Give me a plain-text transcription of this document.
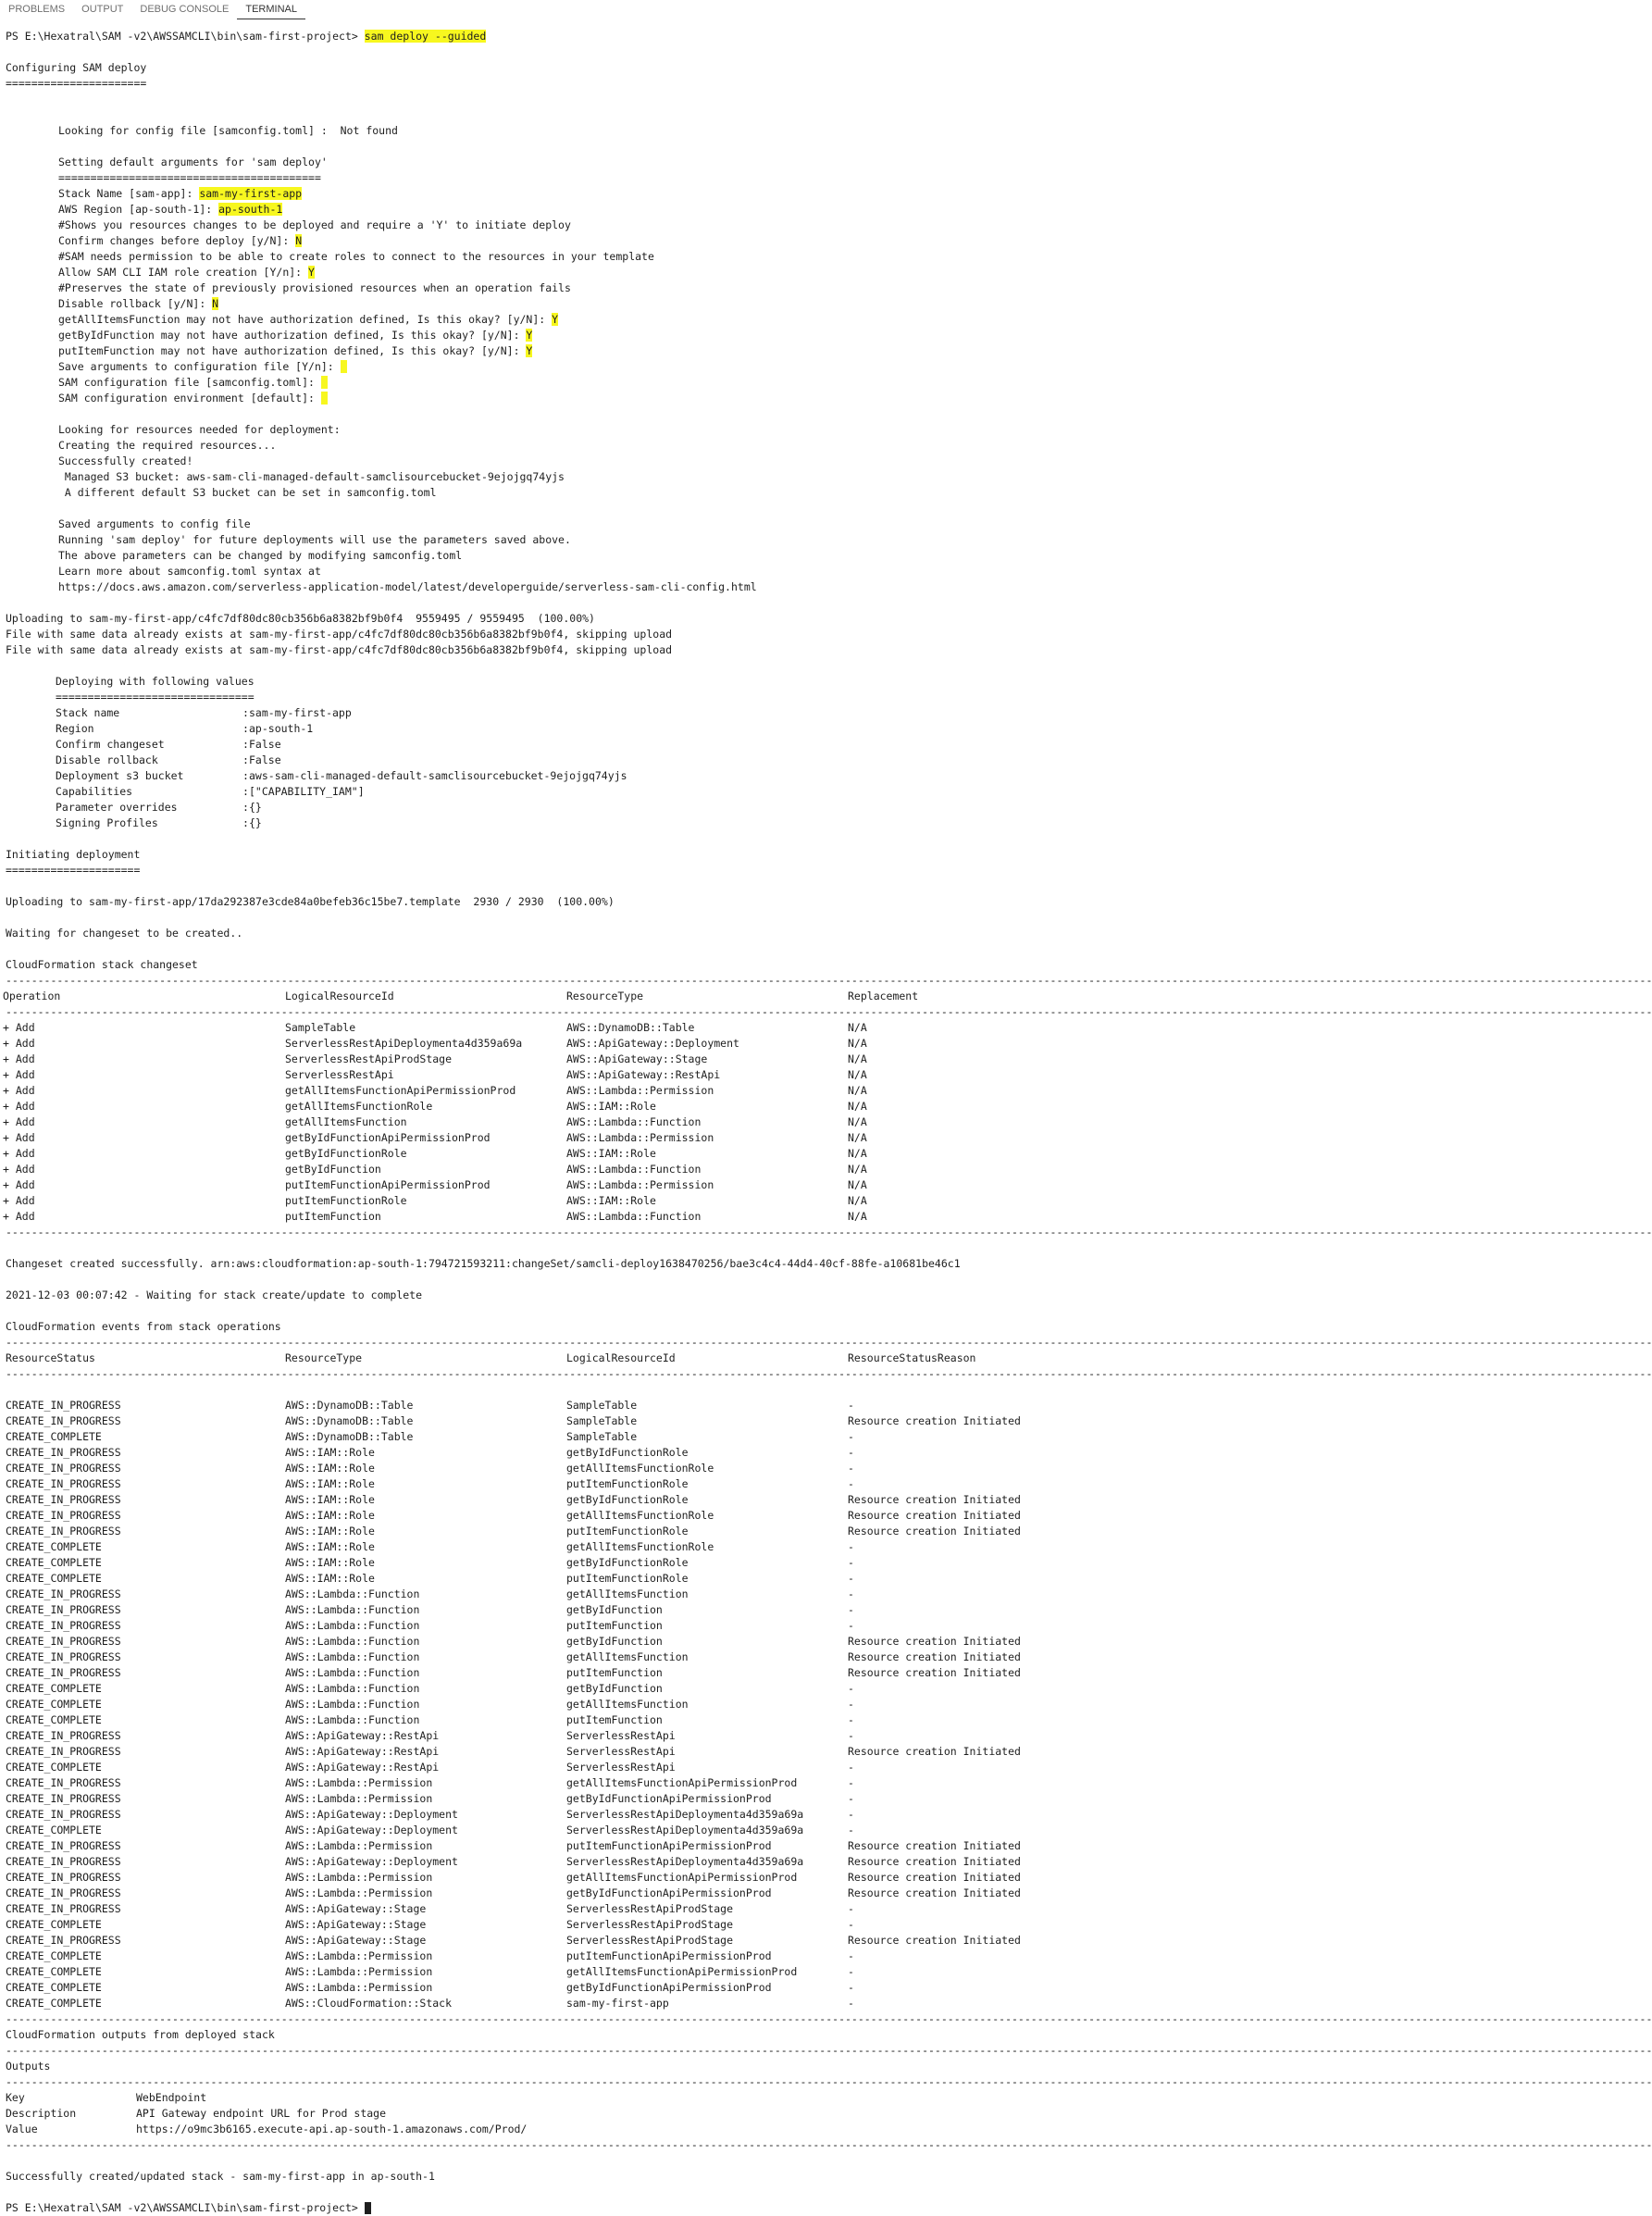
PROBLEMS	OUTPUT	DEBUG CONSOLE	TERMINAL
PS E:\Hexatral\SAM -v2\AWSSAMCLI\bin\sam-first-project> sam deploy --guided
Configuring SAM deploy
======================
Looking for config file [samconfig.toml] :  Not found
Setting default arguments for 'sam deploy'
=========================================
Stack Name [sam-app]: sam-my-first-app
AWS Region [ap-south-1]: ap-south-1
#Shows you resources changes to be deployed and require a 'Y' to initiate deploy
Confirm changes before deploy [y/N]: N
#SAM needs permission to be able to create roles to connect to the resources in your template
Allow SAM CLI IAM role creation [Y/n]: Y
#Preserves the state of previously provisioned resources when an operation fails
Disable rollback [y/N]: N
getAllItemsFunction may not have authorization defined, Is this okay? [y/N]: Y
getByIdFunction may not have authorization defined, Is this okay? [y/N]: Y
putItemFunction may not have authorization defined, Is this okay? [y/N]: Y
Save arguments to configuration file [Y/n]:
SAM configuration file [samconfig.toml]:
SAM configuration environment [default]:
Looking for resources needed for deployment:
Creating the required resources...
Successfully created!
Managed S3 bucket: aws-sam-cli-managed-default-samclisourcebucket-9ejojgq74yjs
A different default S3 bucket can be set in samconfig.toml
Saved arguments to config file
Running 'sam deploy' for future deployments will use the parameters saved above.
The above parameters can be changed by modifying samconfig.toml
Learn more about samconfig.toml syntax at
https://docs.aws.amazon.com/serverless-application-model/latest/developerguide/serverless-sam-cli-config.html
Uploading to sam-my-first-app/c4fc7df80dc80cb356b6a8382bf9b0f4  9559495 / 9559495  (100.00%)
File with same data already exists at sam-my-first-app/c4fc7df80dc80cb356b6a8382bf9b0f4, skipping upload
File with same data already exists at sam-my-first-app/c4fc7df80dc80cb356b6a8382bf9b0f4, skipping upload
Deploying with following values
===============================
Stack name	: sam-my-first-app
Region	: ap-south-1
Confirm changeset	: False
Disable rollback	: False
Deployment s3 bucket	: aws-sam-cli-managed-default-samclisourcebucket-9ejojgq74yjs
Capabilities	: ["CAPABILITY_IAM"]
Parameter overrides	: {}
Signing Profiles	: {}
Initiating deployment
=====================
Uploading to sam-my-first-app/17da292387e3cde84a0befeb36c15be7.template  2930 / 2930  (100.00%)
Waiting for changeset to be created..
CloudFormation stack changeset
-----------------------------------------------------------------------------------------------------------------------------------------------------------------------------------------------------------------------------------------------------------------
Operation	LogicalResourceId	ResourceType	Replacement
-----------------------------------------------------------------------------------------------------------------------------------------------------------------------------------------------------------------------------------------------------------------
+ Add	SampleTable	AWS::DynamoDB::Table	N/A
+ Add	ServerlessRestApiDeploymenta4d359a69a	AWS::ApiGateway::Deployment	N/A
+ Add	ServerlessRestApiProdStage	AWS::ApiGateway::Stage	N/A
+ Add	ServerlessRestApi	AWS::ApiGateway::RestApi	N/A
+ Add	getAllItemsFunctionApiPermissionProd	AWS::Lambda::Permission	N/A
+ Add	getAllItemsFunctionRole	AWS::IAM::Role	N/A
+ Add	getAllItemsFunction	AWS::Lambda::Function	N/A
+ Add	getByIdFunctionApiPermissionProd	AWS::Lambda::Permission	N/A
+ Add	getByIdFunctionRole	AWS::IAM::Role	N/A
+ Add	getByIdFunction	AWS::Lambda::Function	N/A
+ Add	putItemFunctionApiPermissionProd	AWS::Lambda::Permission	N/A
+ Add	putItemFunctionRole	AWS::IAM::Role	N/A
+ Add	putItemFunction	AWS::Lambda::Function	N/A
-----------------------------------------------------------------------------------------------------------------------------------------------------------------------------------------------------------------------------------------------------------------
Changeset created successfully. arn:aws:cloudformation:ap-south-1:794721593211:changeSet/samcli-deploy1638470256/bae3c4c4-44d4-40cf-88fe-a10681be46c1
2021-12-03 00:07:42 - Waiting for stack create/update to complete
CloudFormation events from stack operations
-----------------------------------------------------------------------------------------------------------------------------------------------------------------------------------------------------------------------------------------------------------------
ResourceStatus	ResourceType	LogicalResourceId	ResourceStatusReason
-----------------------------------------------------------------------------------------------------------------------------------------------------------------------------------------------------------------------------------------------------------------
CREATE_IN_PROGRESS	AWS::DynamoDB::Table	SampleTable	-
CREATE_IN_PROGRESS	AWS::DynamoDB::Table	SampleTable	Resource creation Initiated
CREATE_COMPLETE	AWS::DynamoDB::Table	SampleTable	-
CREATE_IN_PROGRESS	AWS::IAM::Role	getByIdFunctionRole	-
CREATE_IN_PROGRESS	AWS::IAM::Role	getAllItemsFunctionRole	-
CREATE_IN_PROGRESS	AWS::IAM::Role	putItemFunctionRole	-
CREATE_IN_PROGRESS	AWS::IAM::Role	getByIdFunctionRole	Resource creation Initiated
CREATE_IN_PROGRESS	AWS::IAM::Role	getAllItemsFunctionRole	Resource creation Initiated
CREATE_IN_PROGRESS	AWS::IAM::Role	putItemFunctionRole	Resource creation Initiated
CREATE_COMPLETE	AWS::IAM::Role	getAllItemsFunctionRole	-
CREATE_COMPLETE	AWS::IAM::Role	getByIdFunctionRole	-
CREATE_COMPLETE	AWS::IAM::Role	putItemFunctionRole	-
CREATE_IN_PROGRESS	AWS::Lambda::Function	getAllItemsFunction	-
CREATE_IN_PROGRESS	AWS::Lambda::Function	getByIdFunction	-
CREATE_IN_PROGRESS	AWS::Lambda::Function	putItemFunction	-
CREATE_IN_PROGRESS	AWS::Lambda::Function	getByIdFunction	Resource creation Initiated
CREATE_IN_PROGRESS	AWS::Lambda::Function	getAllItemsFunction	Resource creation Initiated
CREATE_IN_PROGRESS	AWS::Lambda::Function	putItemFunction	Resource creation Initiated
CREATE_COMPLETE	AWS::Lambda::Function	getByIdFunction	-
CREATE_COMPLETE	AWS::Lambda::Function	getAllItemsFunction	-
CREATE_COMPLETE	AWS::Lambda::Function	putItemFunction	-
CREATE_IN_PROGRESS	AWS::ApiGateway::RestApi	ServerlessRestApi	-
CREATE_IN_PROGRESS	AWS::ApiGateway::RestApi	ServerlessRestApi	Resource creation Initiated
CREATE_COMPLETE	AWS::ApiGateway::RestApi	ServerlessRestApi	-
CREATE_IN_PROGRESS	AWS::Lambda::Permission	getAllItemsFunctionApiPermissionProd	-
CREATE_IN_PROGRESS	AWS::Lambda::Permission	getByIdFunctionApiPermissionProd	-
CREATE_IN_PROGRESS	AWS::ApiGateway::Deployment	ServerlessRestApiDeploymenta4d359a69a	-
CREATE_COMPLETE	AWS::ApiGateway::Deployment	ServerlessRestApiDeploymenta4d359a69a	-
CREATE_IN_PROGRESS	AWS::Lambda::Permission	putItemFunctionApiPermissionProd	Resource creation Initiated
CREATE_IN_PROGRESS	AWS::ApiGateway::Deployment	ServerlessRestApiDeploymenta4d359a69a	Resource creation Initiated
CREATE_IN_PROGRESS	AWS::Lambda::Permission	getAllItemsFunctionApiPermissionProd	Resource creation Initiated
CREATE_IN_PROGRESS	AWS::Lambda::Permission	getByIdFunctionApiPermissionProd	Resource creation Initiated
CREATE_IN_PROGRESS	AWS::ApiGateway::Stage	ServerlessRestApiProdStage	-
CREATE_COMPLETE	AWS::ApiGateway::Stage	ServerlessRestApiProdStage	-
CREATE_IN_PROGRESS	AWS::ApiGateway::Stage	ServerlessRestApiProdStage	Resource creation Initiated
CREATE_COMPLETE	AWS::Lambda::Permission	putItemFunctionApiPermissionProd	-
CREATE_COMPLETE	AWS::Lambda::Permission	getAllItemsFunctionApiPermissionProd	-
CREATE_COMPLETE	AWS::Lambda::Permission	getByIdFunctionApiPermissionProd	-
CREATE_COMPLETE	AWS::CloudFormation::Stack	sam-my-first-app	-
-----------------------------------------------------------------------------------------------------------------------------------------------------------------------------------------------------------------------------------------------------------------
CloudFormation outputs from deployed stack
-----------------------------------------------------------------------------------------------------------------------------------------------------------------------------------------------------------------------------------------------------------------
Outputs
-----------------------------------------------------------------------------------------------------------------------------------------------------------------------------------------------------------------------------------------------------------------
Key	WebEndpoint
Description	API Gateway endpoint URL for Prod stage
Value	https://o9mc3b6165.execute-api.ap-south-1.amazonaws.com/Prod/
-----------------------------------------------------------------------------------------------------------------------------------------------------------------------------------------------------------------------------------------------------------------
Successfully created/updated stack - sam-my-first-app in ap-south-1
PS E:\Hexatral\SAM -v2\AWSSAMCLI\bin\sam-first-project>
